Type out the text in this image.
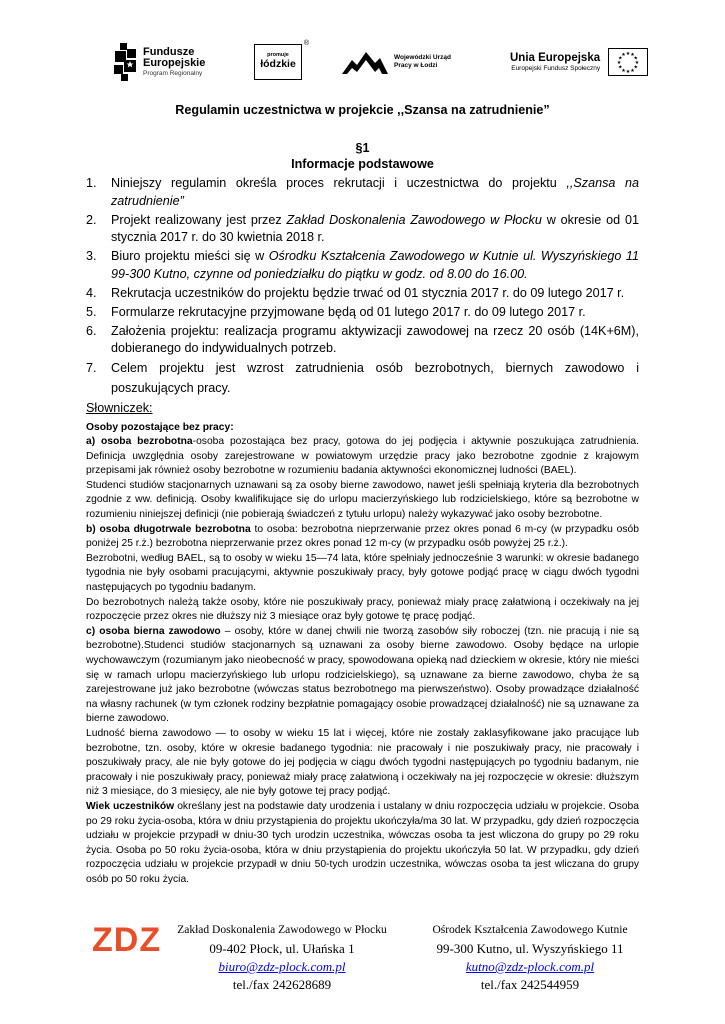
Fundusze
Europejskie
Program Regionalny
promuje
łódzkie
®
Wojewódzki Urząd
Pracy w Łodzi
Unia Europejska
Europejski Fundusz Społeczny
★
★
★
★
★
★
★
★
★ ★ ★
★
Regulamin uczestnictwa w projekcie ,,Szansa na zatrudnienie”
§1
Informacje podstawowe
1. Niniejszy regulamin określa proces rekrutacji i uczestnictwa do projektu ,,Szansa na zatrudnienie”
2. Projekt realizowany jest przez Zakład Doskonalenia Zawodowego w Płocku w okresie od 01 stycznia 2017 r. do 30 kwietnia 2018 r.
3. Biuro projektu mieści się w Ośrodku Kształcenia Zawodowego w Kutnie ul. Wyszyńskiego 11 99-300 Kutno, czynne od poniedziałku do piątku w godz. od 8.00 do 16.00.
4. Rekrutacja uczestników do projektu będzie trwać od 01 stycznia 2017 r. do 09 lutego 2017 r.
5. Formularze rekrutacyjne przyjmowane będą od 01 lutego 2017 r. do 09 lutego 2017 r.
6. Założenia projektu: realizacja programu aktywizacji zawodowej na rzecz 20 osób (14K+6M), dobieranego do indywidualnych potrzeb.
7. Celem projektu jest wzrost zatrudnienia osób bezrobotnych, biernych zawodowo i poszukujących pracy.
Słowniczek:

Osoby pozostające bez pracy:

a) osoba bezrobotna-osoba pozostająca bez pracy, gotowa do jej podjęcia i aktywnie poszukująca zatrudnienia. Definicja uwzględnia osoby zarejestrowane w powiatowym urzędzie pracy jako bezrobotne zgodnie z krajowym przepisami jak również osoby bezrobotne w rozumieniu badania aktywności ekonomicznej ludności (BAEL).

Studenci studiów stacjonarnych uznawani są za osoby bierne zawodowo, nawet jeśli spełniają kryteria dla bezrobotnych zgodnie z ww. definicją. Osoby kwalifikujące się do urlopu macierzyńskiego lub rodzicielskiego, które są bezrobotne w rozumieniu niniejszej definicji (nie pobierają świadczeń z tytułu urlopu) należy wykazywać jako osoby bezrobotne.

b) osoba długotrwale bezrobotna to osoba: bezrobotna nieprzerwanie przez okres ponad 6 m-cy (w przypadku osób poniżej 25 r.ż.) bezrobotna nieprzerwanie przez okres ponad 12 m-cy (w przypadku osób powyżej 25 r.ż.).

Bezrobotni, według BAEL, są to osoby w wieku 15—74 lata, które spełniały jednocześnie 3 warunki: w okresie badanego tygodnia nie były osobami pracującymi, aktywnie poszukiwały pracy, były gotowe podjąć pracę w ciągu dwóch tygodni następujących po tygodniu badanym.

Do bezrobotnych należą także osoby, które nie poszukiwały pracy, ponieważ miały pracę załatwioną i oczekiwały na jej rozpoczęcie przez okres nie dłuższy niż 3 miesiące oraz były gotowe tę pracę podjąć.

c) osoba bierna zawodowo – osoby, które w danej chwili nie tworzą zasobów siły roboczej (tzn. nie pracują i nie są bezrobotne).Studenci studiów stacjonarnych są uznawani za osoby bierne zawodowo. Osoby będące na urlopie wychowawczym (rozumianym jako nieobecność w pracy, spowodowana opieką nad dzieckiem w okresie, który nie mieści się w ramach urlopu macierzyńskiego lub urlopu rodzicielskiego), są uznawane za bierne zawodowo, chyba że są zarejestrowane już jako bezrobotne (wówczas status bezrobotnego ma pierwszeństwo). Osoby prowadzące działalność na własny rachunek (w tym członek rodziny bezpłatnie pomagający osobie prowadzącej działalność) nie są uznawane za bierne zawodowo.

Ludność bierna zawodowo — to osoby w wieku 15 lat i więcej, które nie zostały zaklasyfikowane jako pracujące lub bezrobotne, tzn. osoby, które w okresie badanego tygodnia: nie pracowały i nie poszukiwały pracy, nie pracowały i poszukiwały pracy, ale nie były gotowe do jej podjęcia w ciągu dwóch tygodni następujących po tygodniu badanym, nie pracowały i nie poszukiwały pracy, ponieważ miały pracę załatwioną i oczekiwały na jej rozpoczęcie w okresie: dłuższym niż 3 miesiące, do 3 miesięcy, ale nie były gotowe tej pracy podjąć.

Wiek uczestników określany jest na podstawie daty urodzenia i ustalany w dniu rozpoczęcia udziału w projekcie. Osoba po 29 roku życia-osoba, która w dniu przystąpienia do projektu ukończyła/ma 30 lat. W przypadku, gdy dzień rozpoczęcia udziału w projekcie przypadł w dniu-30 tych urodzin uczestnika, wówczas osoba ta jest wliczona do grupy po 29 roku życia. Osoba po 50 roku życia-osoba, która w dniu przystąpienia do projektu ukończyła 50 lat. W przypadku, gdy dzień rozpoczęcia udziału w projekcie przypadł w dniu 50-tych urodzin uczestnika, wówczas osoba ta jest wliczana do grupy osób po 50 roku życia.

ZDZ	Zakład Doskonalenia Zawodowego w Płocku
09-402 Płock, ul. Ułańska 1
biuro@zdz-plock.com.pl
tel./fax 242628689
Ośrodek Kształcenia Zawodowego Kutnie
99-300 Kutno, ul. Wyszyńskiego 11
kutno@zdz-plock.com.pl
tel./fax 242544959
